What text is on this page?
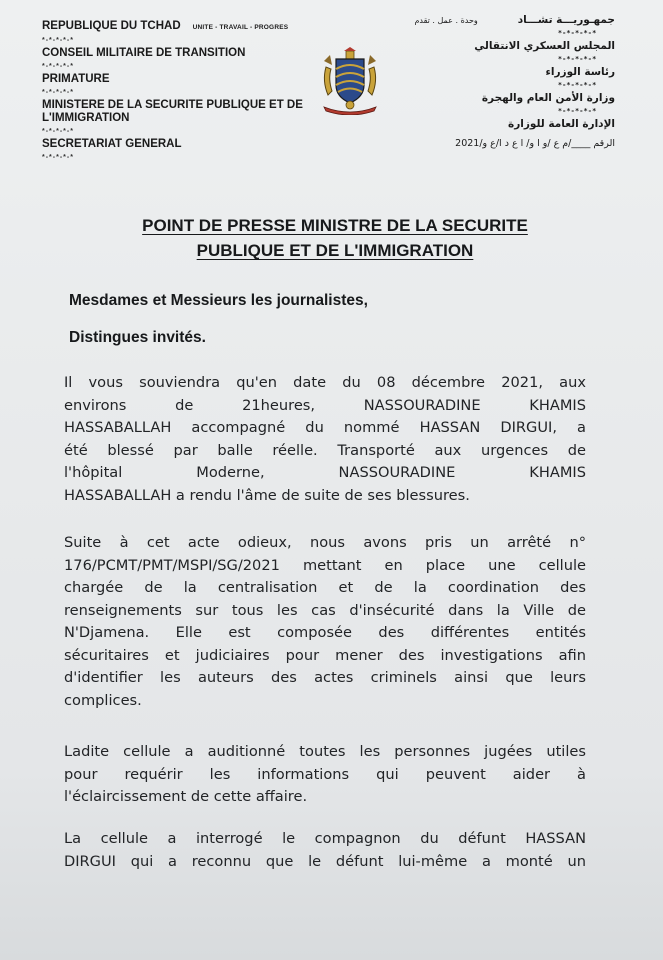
REPUBLIQUE DU TCHAD UNITE - TRAVAIL - PROGRES
*-*-*-*-*
CONSEIL MILITAIRE DE TRANSITION
*-*-*-*-*
PRIMATURE
*-*-*-*-*
MINISTERE DE LA SECURITE PUBLIQUE ET DE
L'IMMIGRATION
*-*-*-*-*
SECRETARIAT GENERAL
*-*-*-*-*
جمهـوريـــة تشـــادوحدة . عمل . تقدم
*-*-*-*-*
المجلس العسكري الانتقالي
*-*-*-*-*
رئاسة الوزراء
*-*-*-*-*
وزارة الأمن العام والهجرة
*-*-*-*-*
الإدارة العامة للوزارة
الرقم ____/م ع /و ا و/ ا ع د ا/ع و/2021
POINT DE PRESSE MINISTRE DE LA SECURITE
PUBLIQUE ET DE L'IMMIGRATION
Mesdames et Messieurs les journalistes,
Distingues invités.
Il vous souviendra qu'en date du 08 décembre 2021, aux
environs de 21heures, NASSOURADINE KHAMIS
HASSABALLAH accompagné du nommé HASSAN DIRGUI, a
été blessé par balle réelle. Transporté aux urgences de
l'hôpital Moderne, NASSOURADINE KHAMIS
HASSABALLAH a rendu l'âme de suite de ses blessures.
Suite à cet acte odieux, nous avons pris un arrêté n°
176/PCMT/PMT/MSPI/SG/2021 mettant en place une cellule
chargée de la centralisation et de la coordination des
renseignements sur tous les cas d'insécurité dans la Ville de
N'Djamena. Elle est composée des différentes entités
sécuritaires et judiciaires pour mener des investigations afin
d'identifier les auteurs des actes criminels ainsi que leurs
complices.
Ladite cellule a auditionné toutes les personnes jugées utiles
pour requérir les informations qui peuvent aider à
l'éclaircissement de cette affaire.
La cellule a interrogé le compagnon du défunt HASSAN
DIRGUI qui a reconnu que le défunt lui-même a monté un
